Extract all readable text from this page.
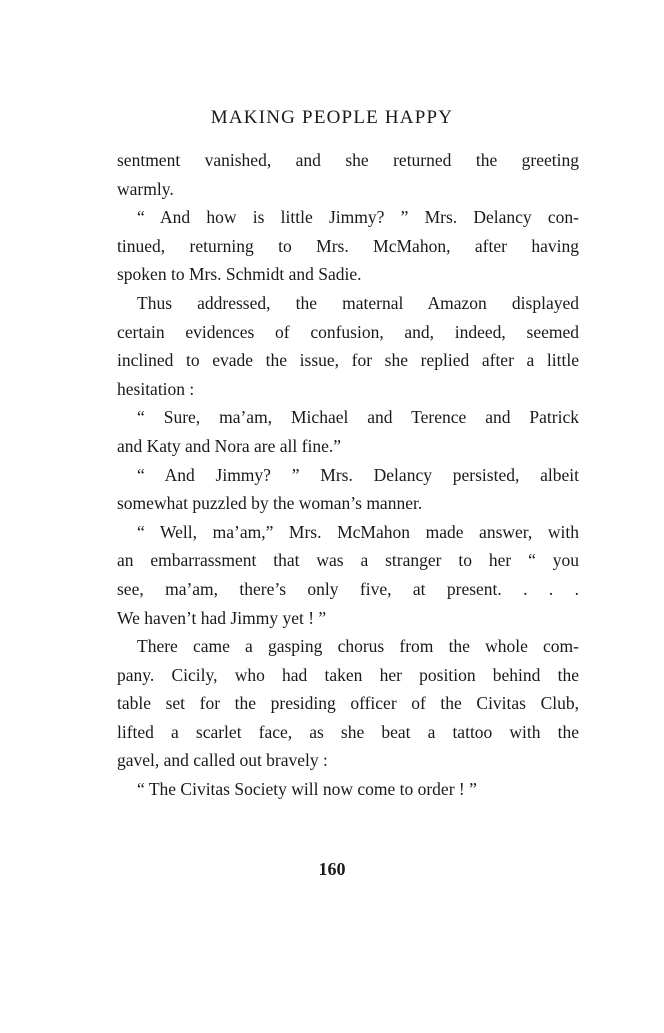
MAKING PEOPLE HAPPY
sentment vanished, and she returned the greeting
warmly.
“ And how is little Jimmy? ” Mrs. Delancy con-
tinued, returning to Mrs. McMahon, after having
spoken to Mrs. Schmidt and Sadie.
Thus addressed, the maternal Amazon displayed
certain evidences of confusion, and, indeed, seemed
inclined to evade the issue, for she replied after a little
hesitation :
“ Sure, ma’am, Michael and Terence and Patrick
and Katy and Nora are all fine.”
“ And Jimmy? ” Mrs. Delancy persisted, albeit
somewhat puzzled by the woman’s manner.
“ Well, ma’am,” Mrs. McMahon made answer, with
an embarrassment that was a stranger to her “ you
see, ma’am, there’s only five, at present. . . .
We haven’t had Jimmy yet ! ”
There came a gasping chorus from the whole com-
pany. Cicily, who had taken her position behind the
table set for the presiding officer of the Civitas Club,
lifted a scarlet face, as she beat a tattoo with the
gavel, and called out bravely :
“ The Civitas Society will now come to order ! ”
160
